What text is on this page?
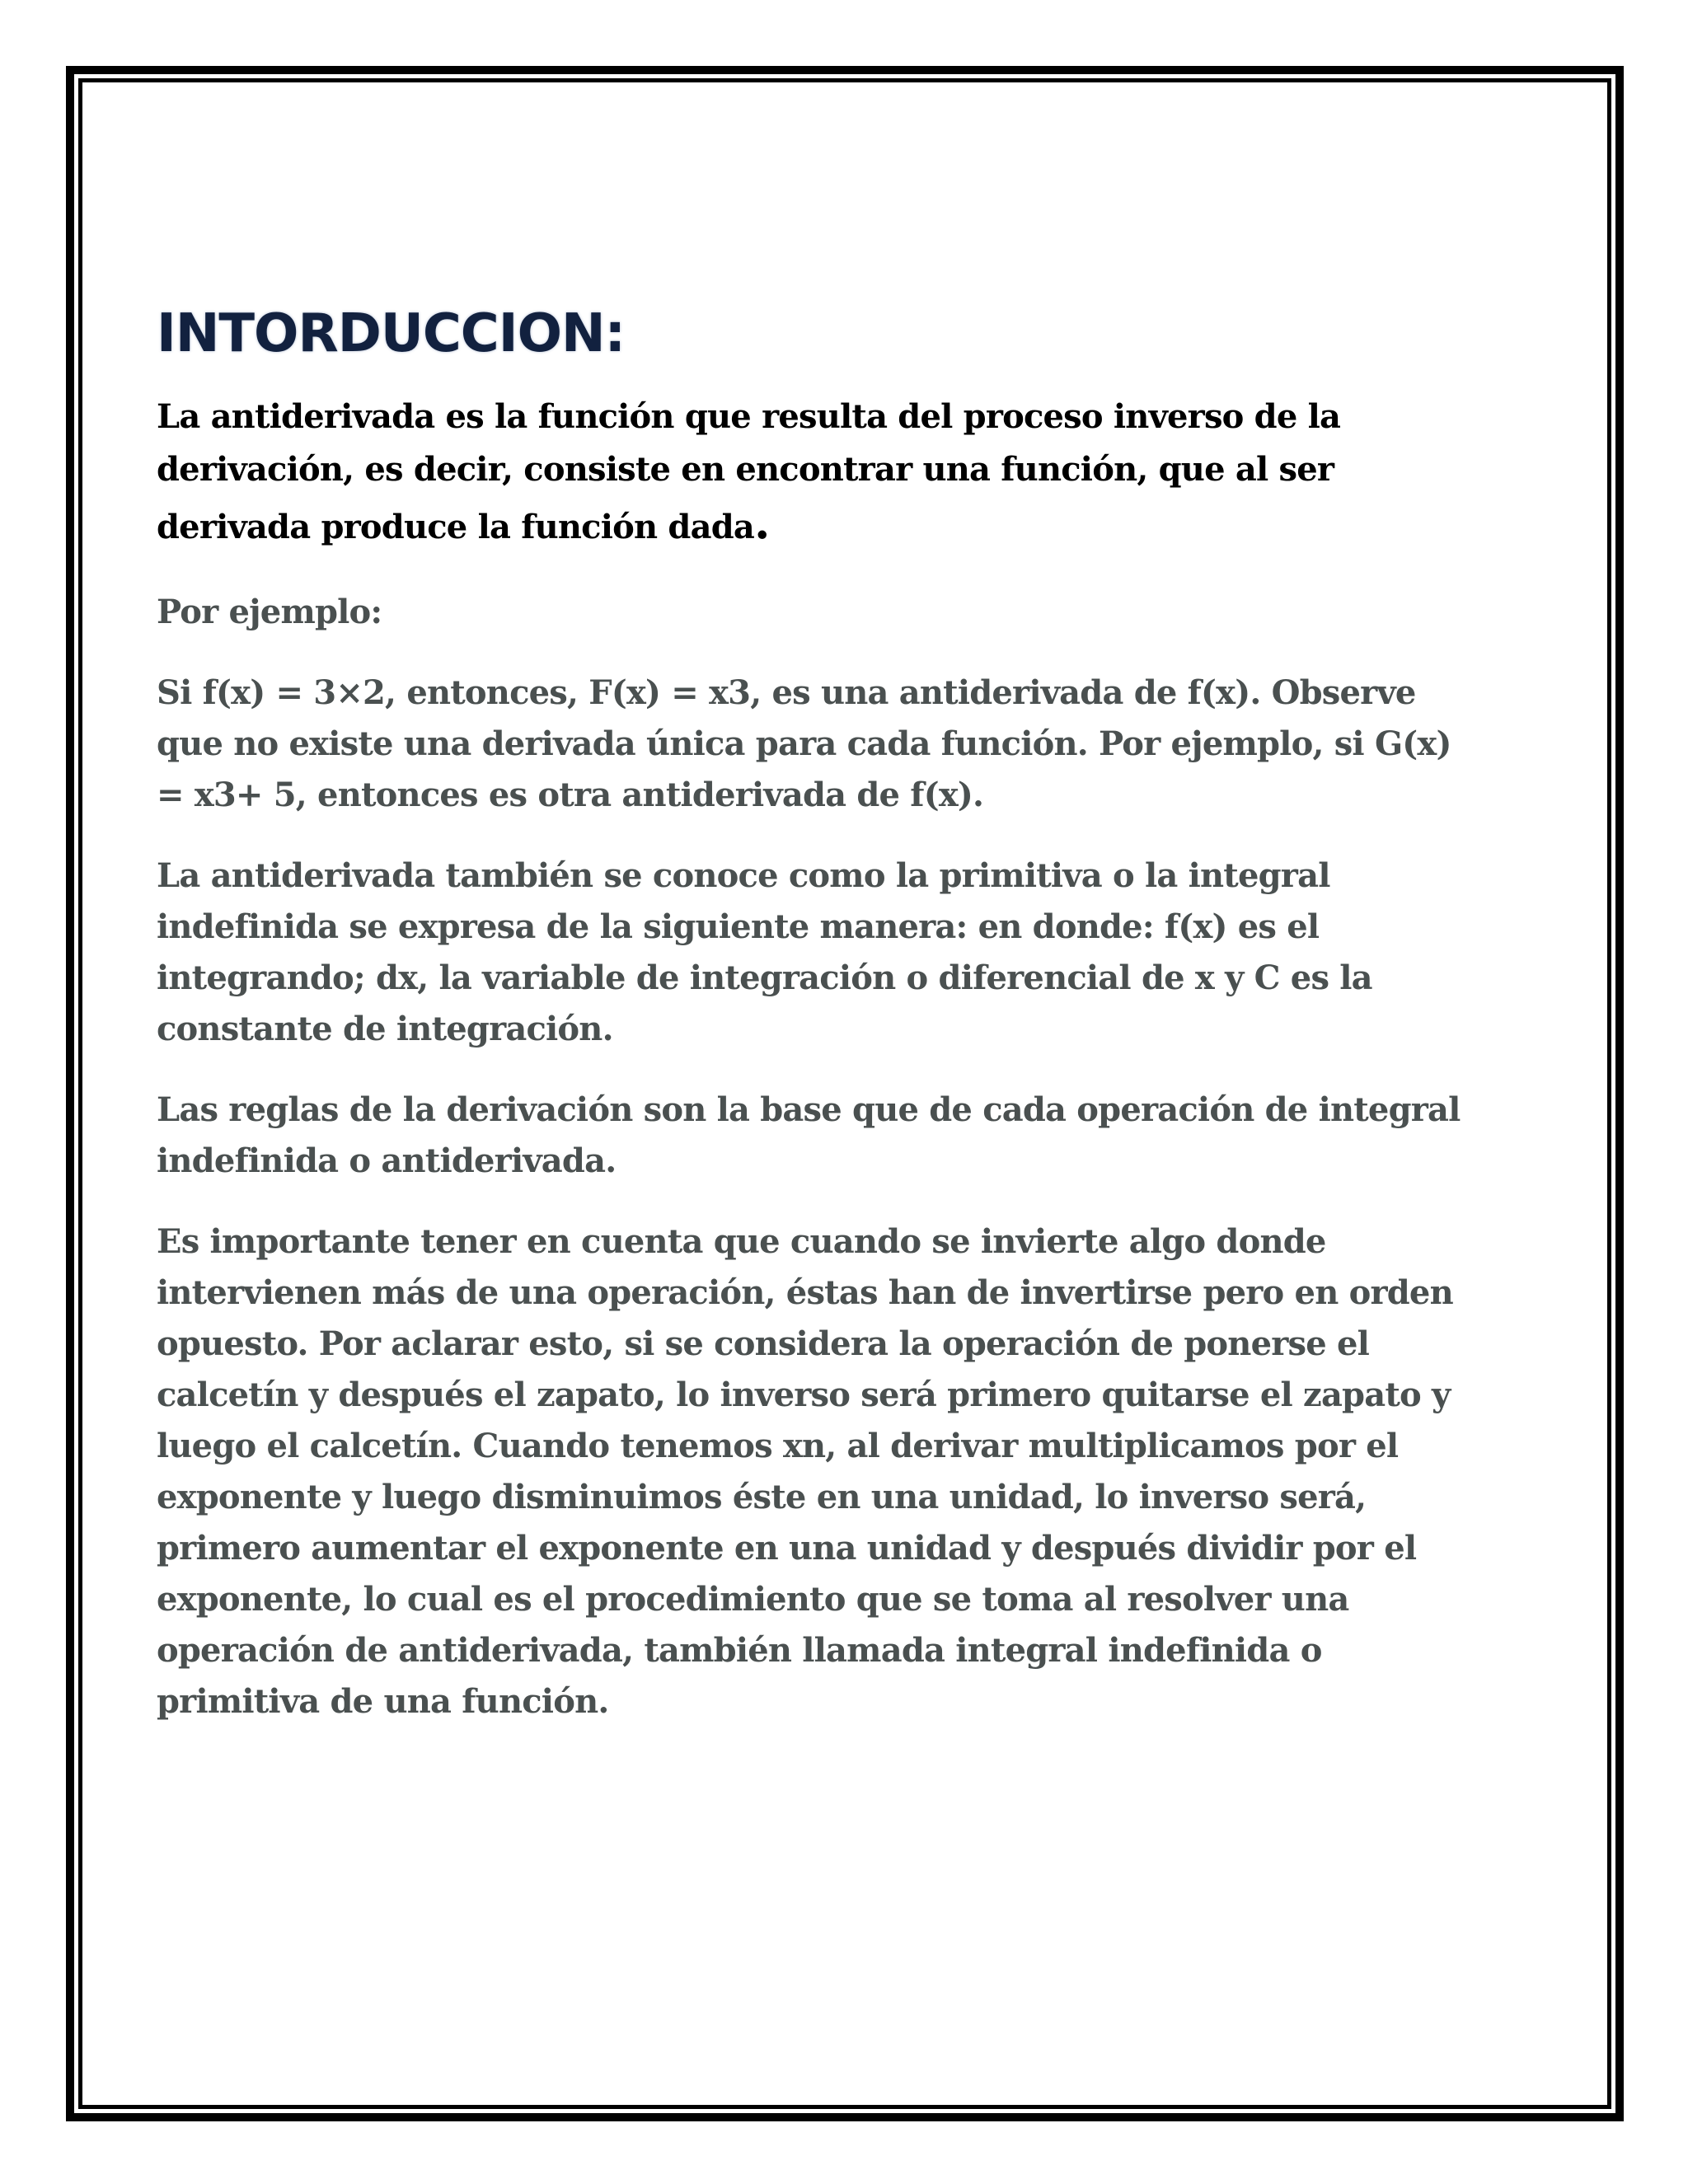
INTORDUCCION:

La antiderivada es la función que resulta del proceso inverso de la derivación, es decir, consiste en encontrar una función, que al ser derivada produce la función dada.

Por ejemplo:

Si f(x) = 3×2, entonces, F(x) = x3, es una antiderivada de f(x). Observe que no existe una derivada única para cada función. Por ejemplo, si G(x) = x3+ 5, entonces es otra antiderivada de f(x).

La antiderivada también se conoce como la primitiva o la integral indefinida se expresa de la siguiente manera: en donde: f(x) es el integrando; dx, la variable de integración o diferencial de x y C es la constante de integración.

Las reglas de la derivación son la base que de cada operación de integral indefinida o antiderivada.

Es importante tener en cuenta que cuando se invierte algo donde intervienen más de una operación, éstas han de invertirse pero en orden opuesto. Por aclarar esto, si se considera la operación de ponerse el calcetín y después el zapato, lo inverso será primero quitarse el zapato y luego el calcetín. Cuando tenemos xn, al derivar multiplicamos por el exponente y luego disminuimos éste en una unidad, lo inverso será, primero aumentar el exponente en una unidad y después dividir por el exponente, lo cual es el procedimiento que se toma al resolver una operación de antiderivada, también llamada integral indefinida o primitiva de una función.
